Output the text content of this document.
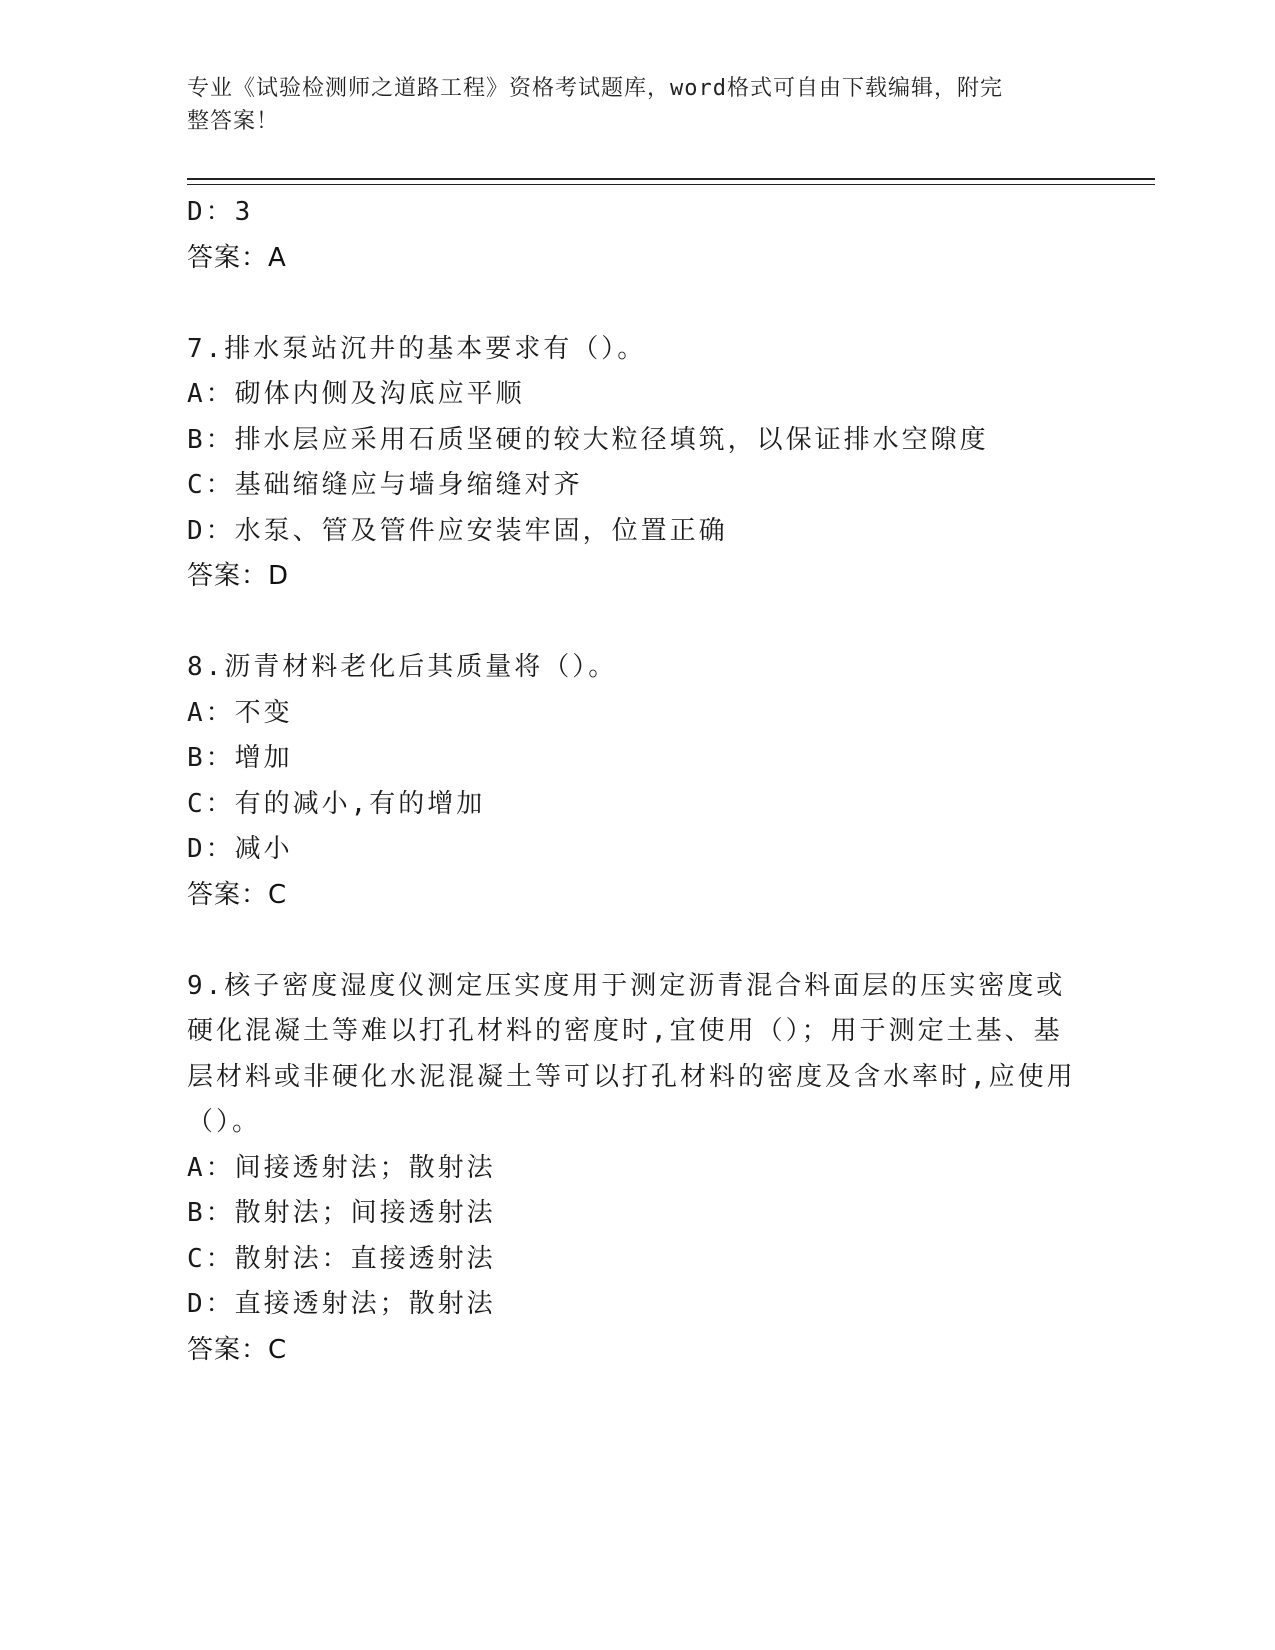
专业《试验检测师之道路工程》资格考试题库，word格式可自由下载编辑，附完
整答案！
D：3
答案：A
7.排水泵站沉井的基本要求有（）。
A：砌体内侧及沟底应平顺
B：排水层应采用石质坚硬的较大粒径填筑，以保证排水空隙度
C：基础缩缝应与墙身缩缝对齐
D：水泵、管及管件应安装牢固，位置正确
答案：D
8.沥青材料老化后其质量将（）。
A：不变
B：增加
C：有的减小,有的增加
D：减小
答案：C
9.核子密度湿度仪测定压实度用于测定沥青混合料面层的压实密度或
硬化混凝土等难以打孔材料的密度时,宜使用（）；用于测定土基、基
层材料或非硬化水泥混凝土等可以打孔材料的密度及含水率时,应使用
（）。
A：间接透射法；散射法
B：散射法；间接透射法
C：散射法：直接透射法
D：直接透射法；散射法
答案：C
